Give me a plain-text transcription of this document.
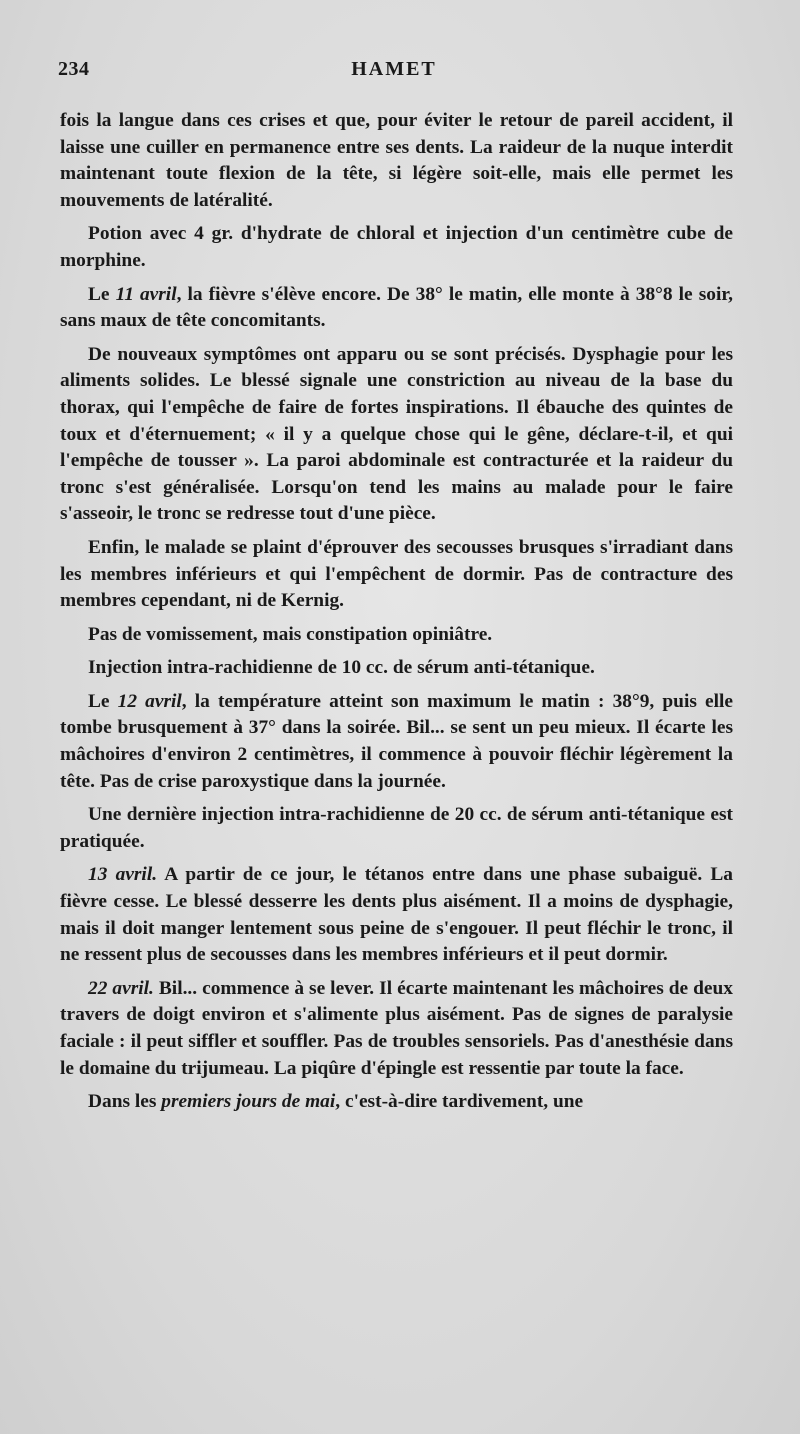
234	HAMET

fois la langue dans ces crises et que, pour éviter le retour de pareil accident, il laisse une cuiller en permanence entre ses dents. La raideur de la nuque interdit maintenant toute flexion de la tête, si légère soit-elle, mais elle permet les mouvements de latéralité.

Potion avec 4 gr. d'hydrate de chloral et injection d'un centimètre cube de morphine.

Le 11 avril, la fièvre s'élève encore. De 38° le matin, elle monte à 38°8 le soir, sans maux de tête concomitants.

De nouveaux symptômes ont apparu ou se sont précisés. Dysphagie pour les aliments solides. Le blessé signale une constriction au niveau de la base du thorax, qui l'empêche de faire de fortes inspirations. Il ébauche des quintes de toux et d'éternuement; « il y a quelque chose qui le gêne, déclare-t-il, et qui l'empêche de tousser ». La paroi abdominale est contracturée et la raideur du tronc s'est généralisée. Lorsqu'on tend les mains au malade pour le faire s'asseoir, le tronc se redresse tout d'une pièce.

Enfin, le malade se plaint d'éprouver des secousses brusques s'irradiant dans les membres inférieurs et qui l'empêchent de dormir. Pas de contracture des membres cependant, ni de Kernig.

Pas de vomissement, mais constipation opiniâtre.

Injection intra-rachidienne de 10 cc. de sérum anti-tétanique.

Le 12 avril, la température atteint son maximum le matin : 38°9, puis elle tombe brusquement à 37° dans la soirée. Bil... se sent un peu mieux. Il écarte les mâchoires d'environ 2 centimètres, il commence à pouvoir fléchir légèrement la tête. Pas de crise paroxystique dans la journée.

Une dernière injection intra-rachidienne de 20 cc. de sérum anti-tétanique est pratiquée.

13 avril. A partir de ce jour, le tétanos entre dans une phase subaiguë. La fièvre cesse. Le blessé desserre les dents plus aisément. Il a moins de dysphagie, mais il doit manger lentement sous peine de s'engouer. Il peut fléchir le tronc, il ne ressent plus de secousses dans les membres inférieurs et il peut dormir.

22 avril. Bil... commence à se lever. Il écarte maintenant les mâchoires de deux travers de doigt environ et s'alimente plus aisément. Pas de signes de paralysie faciale : il peut siffler et souffler. Pas de troubles sensoriels. Pas d'anesthésie dans le domaine du trijumeau. La piqûre d'épingle est ressentie par toute la face.

Dans les premiers jours de mai, c'est-à-dire tardivement, une
